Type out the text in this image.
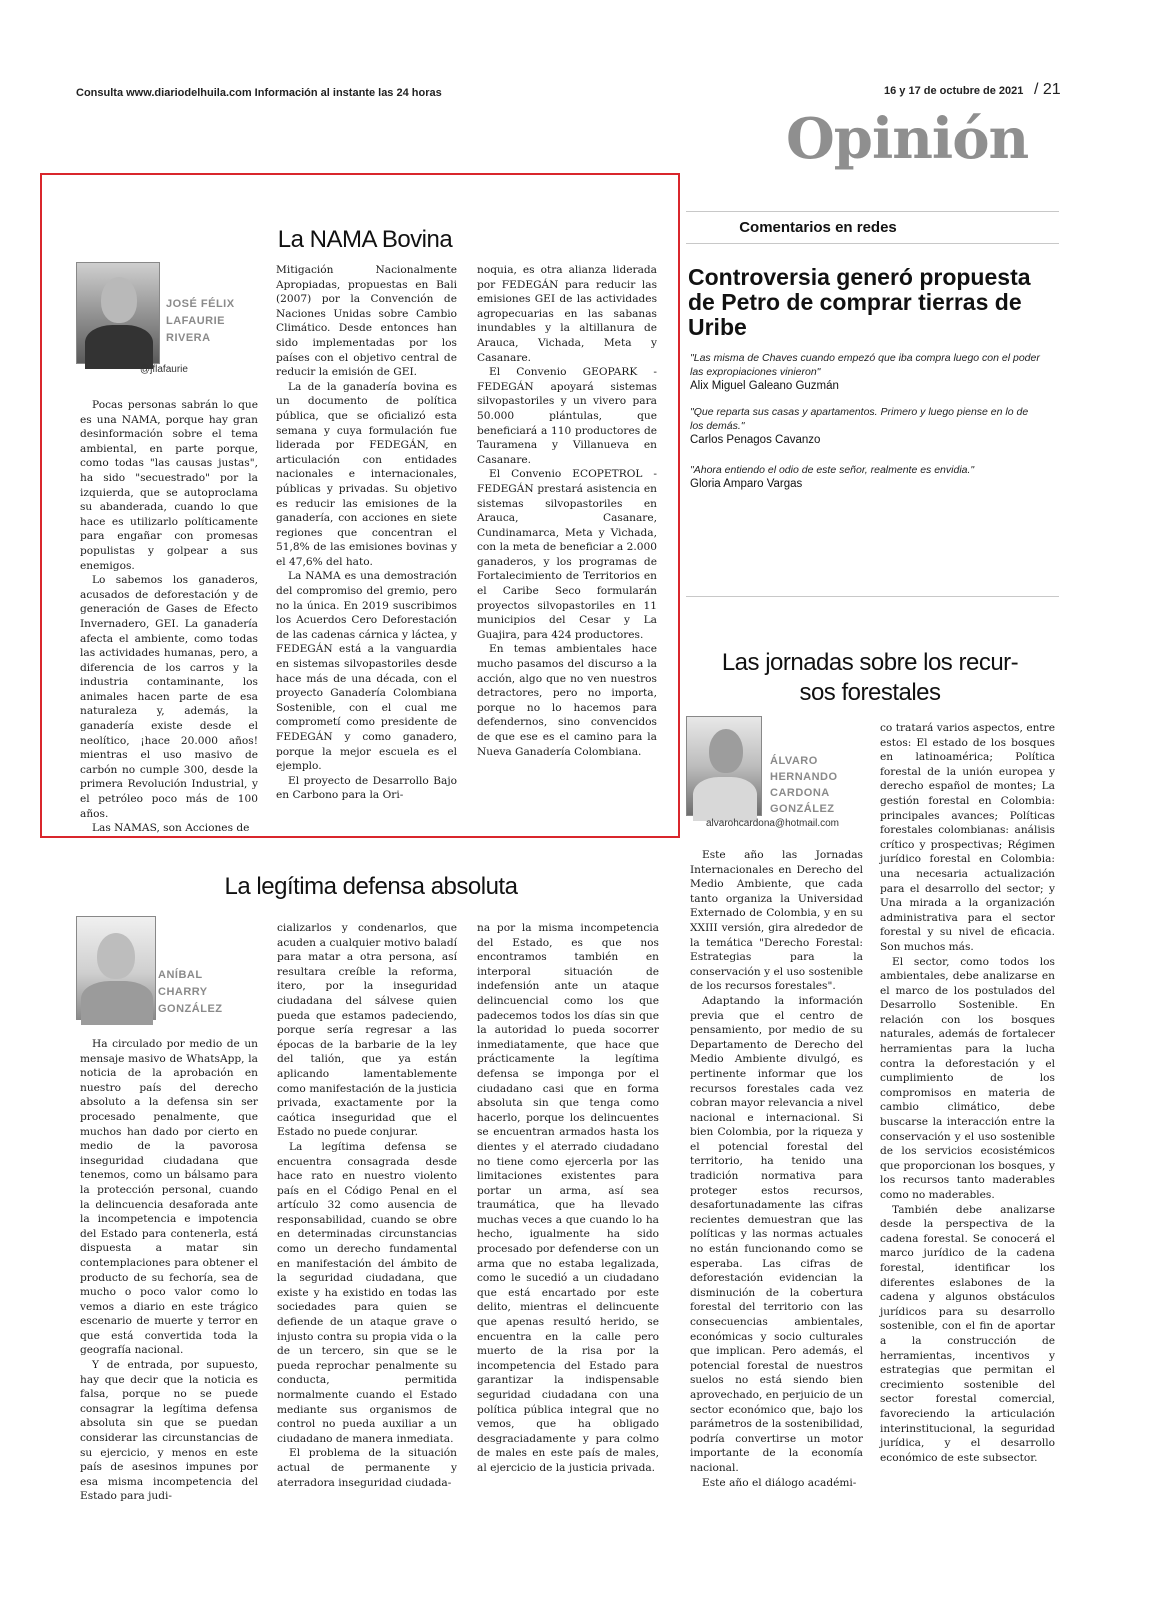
Consulta www.diariodelhuila.com Información al instante las 24 horas	16 y 17 de octubre de 2021 / 21
Opinión
La NAMA Bovina
JOSÉ FÉLIX
LAFAURIE
RIVERA
@jflafaurie

Pocas personas sabrán lo que es una NAMA, porque hay gran desinformación sobre el tema ambiental, en parte porque, como todas "las causas justas", ha sido "secuestrado" por la izquierda, que se autoproclama su abanderada, cuando lo que hace es utilizarlo políticamente para engañar con promesas populistas y golpear a sus enemigos.

Lo sabemos los ganaderos, acusados de deforestación y de generación de Gases de Efecto Invernadero, GEI. La ganadería afecta el ambiente, como todas las actividades humanas, pero, a diferencia de los carros y la industria contaminante, los animales hacen parte de esa naturaleza y, además, la ganadería existe desde el neolítico, ¡hace 20.000 años! mientras el uso masivo de carbón no cumple 300, desde la primera Revolución Industrial, y el petróleo poco más de 100 años.

Las NAMAS, son Acciones de

Mitigación Nacionalmente Apropiadas, propuestas en Bali (2007) por la Convención de Naciones Unidas sobre Cambio Climático. Desde entonces han sido implementadas por los países con el objetivo central de reducir la emisión de GEI.

La de la ganadería bovina es un documento de política pública, que se oficializó esta semana y cuya formulación fue liderada por FEDEGÁN, en articulación con entidades nacionales e internacionales, públicas y privadas. Su objetivo es reducir las emisiones de la ganadería, con acciones en siete regiones que concentran el 51,8% de las emisiones bovinas y el 47,6% del hato.

La NAMA es una demostración del compromiso del gremio, pero no la única. En 2019 suscribimos los Acuerdos Cero Deforestación de las cadenas cárnica y láctea, y FEDEGÁN está a la vanguardia en sistemas silvopastoriles desde hace más de una década, con el proyecto Ganadería Colombiana Sostenible, con el cual me comprometí como presidente de FEDEGÁN y como ganadero, porque la mejor escuela es el ejemplo.

El proyecto de Desarrollo Bajo en Carbono para la Ori-

noquia, es otra alianza liderada por FEDEGÁN para reducir las emisiones GEI de las actividades agropecuarias en las sabanas inundables y la altillanura de Arauca, Vichada, Meta y Casanare.

El Convenio GEOPARK - FEDEGÁN apoyará sistemas silvopastoriles y un vivero para 50.000 plántulas, que beneficiará a 110 productores de Tauramena y Villanueva en Casanare.

El Convenio ECOPETROL - FEDEGÁN prestará asistencia en sistemas silvopastoriles en Arauca, Casanare, Cundinamarca, Meta y Vichada, con la meta de beneficiar a 2.000 ganaderos, y los programas de Fortalecimiento de Territorios en el Caribe Seco formularán proyectos silvopastoriles en 11 municipios del Cesar y La Guajira, para 424 productores.

En temas ambientales hace mucho pasamos del discurso a la acción, algo que no ven nuestros detractores, pero no importa, porque no lo hacemos para defendernos, sino convencidos de que ese es el camino para la Nueva Ganadería Colombiana.

Comentarios en redes
Controversia generó propuesta de Petro de comprar tierras de Uribe
"Las misma de Chaves cuando empezó que iba compra luego con el poder las expropiaciones vinieron"
Alix Miguel Galeano Guzmán
"Que reparta sus casas y apartamentos. Primero y luego piense en lo de los demás."
Carlos Penagos Cavanzo
"Ahora entiendo el odio de este señor, realmente es envidia."
Gloria Amparo Vargas
Las jornadas sobre los recur-
sos forestales
ÁLVARO
HERNANDO
CARDONA
GONZÁLEZ
alvarohcardona@hotmail.com

Este año las Jornadas Internacionales en Derecho del Medio Ambiente, que cada tanto organiza la Universidad Externado de Colombia, y en su XXIII versión, gira alrededor de la temática "Derecho Forestal: Estrategias para la conservación y el uso sostenible de los recursos forestales".

Adaptando la información previa que el centro de pensamiento, por medio de su Departamento de Derecho del Medio Ambiente divulgó, es pertinente informar que los recursos forestales cada vez cobran mayor relevancia a nivel nacional e internacional. Si bien Colombia, por la riqueza y el potencial forestal del territorio, ha tenido una tradición normativa para proteger estos recursos, desafortunadamente las cifras recientes demuestran que las políticas y las normas actuales no están funcionando como se esperaba. Las cifras de deforestación evidencian la disminución de la cobertura forestal del territorio con las consecuencias ambientales, económicas y socio culturales que implican. Pero además, el potencial forestal de nuestros suelos no está siendo bien aprovechado, en perjuicio de un sector económico que, bajo los parámetros de la sostenibilidad, podría convertirse un motor importante de la economía nacional.

Este año el diálogo académi-

co tratará varios aspectos, entre estos: El estado de los bosques en latinoamérica; Política forestal de la unión europea y derecho español de montes; La gestión forestal en Colombia: principales avances; Políticas forestales colombianas: análisis crítico y prospectivas; Régimen jurídico forestal en Colombia: una necesaria actualización para el desarrollo del sector; y Una mirada a la organización administrativa para el sector forestal y su nivel de eficacia. Son muchos más.

El sector, como todos los ambientales, debe analizarse en el marco de los postulados del Desarrollo Sostenible. En relación con los bosques naturales, además de fortalecer herramientas para la lucha contra la deforestación y el cumplimiento de los compromisos en materia de cambio climático, debe buscarse la interacción entre la conservación y el uso sostenible de los servicios ecosistémicos que proporcionan los bosques, y los recursos tanto maderables como no maderables.

También debe analizarse desde la perspectiva de la cadena forestal. Se conocerá el marco jurídico de la cadena forestal, identificar los diferentes eslabones de la cadena y algunos obstáculos jurídicos para su desarrollo sostenible, con el fin de aportar a la construcción de herramientas, incentivos y estrategias que permitan el crecimiento sostenible del sector forestal comercial, favoreciendo la articulación interinstitucional, la seguridad jurídica, y el desarrollo económico de este subsector.

La legítima defensa absoluta
ANÍBAL
CHARRY
GONZÁLEZ

Ha circulado por medio de un mensaje masivo de WhatsApp, la noticia de la aprobación en nuestro país del derecho absoluto a la defensa sin ser procesado penalmente, que muchos han dado por cierto en medio de la pavorosa inseguridad ciudadana que tenemos, como un bálsamo para la protección personal, cuando la delincuencia desaforada ante la incompetencia e impotencia del Estado para contenerla, está dispuesta a matar sin contemplaciones para obtener el producto de su fechoría, sea de mucho o poco valor como lo vemos a diario en este trágico escenario de muerte y terror en que está convertida toda la geografía nacional.

Y de entrada, por supuesto, hay que decir que la noticia es falsa, porque no se puede consagrar la legítima defensa absoluta sin que se puedan considerar las circunstancias de su ejercicio, y menos en este país de asesinos impunes por esa misma incompetencia del Estado para judi-

cializarlos y condenarlos, que acuden a cualquier motivo baladí para matar a otra persona, así resultara creíble la reforma, itero, por la inseguridad ciudadana del sálvese quien pueda que estamos padeciendo, porque sería regresar a las épocas de la barbarie de la ley del talión, que ya están aplicando lamentablemente como manifestación de la justicia privada, exactamente por la caótica inseguridad que el Estado no puede conjurar.

La legítima defensa se encuentra consagrada desde hace rato en nuestro violento país en el Código Penal en el artículo 32 como ausencia de responsabilidad, cuando se obre en determinadas circunstancias como un derecho fundamental en manifestación del ámbito de la seguridad ciudadana, que existe y ha existido en todas las sociedades para quien se defiende de un ataque grave o injusto contra su propia vida o la de un tercero, sin que se le pueda reprochar penalmente su conducta, permitida normalmente cuando el Estado mediante sus organismos de control no pueda auxiliar a un ciudadano de manera inmediata.

El problema de la situación actual de permanente y aterradora inseguridad ciudada-

na por la misma incompetencia del Estado, es que nos encontramos también en interporal situación de indefensión ante un ataque delincuencial como los que padecemos todos los días sin que la autoridad lo pueda socorrer inmediatamente, que hace que prácticamente la legítima defensa se imponga por el ciudadano casi que en forma absoluta sin que tenga como hacerlo, porque los delincuentes se encuentran armados hasta los dientes y el aterrado ciudadano no tiene como ejercerla por las limitaciones existentes para portar un arma, así sea traumática, que ha llevado muchas veces a que cuando lo ha hecho, igualmente ha sido procesado por defenderse con un arma que no estaba legalizada, como le sucedió a un ciudadano que está encartado por este delito, mientras el delincuente que apenas resultó herido, se encuentra en la calle pero muerto de la risa por la incompetencia del Estado para garantizar la indispensable seguridad ciudadana con una política pública integral que no vemos, que ha obligado desgraciadamente y para colmo de males en este país de males, al ejercicio de la justicia privada.
